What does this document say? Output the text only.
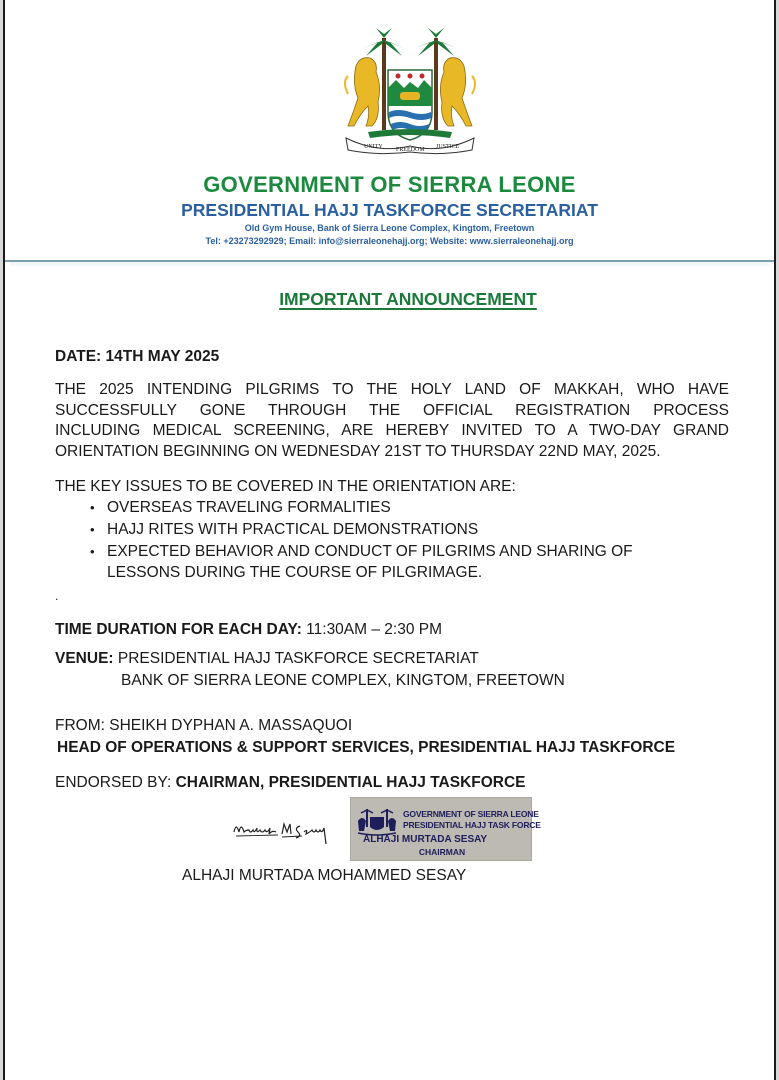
UNITY FREEDOM JUSTICE
GOVERNMENT OF SIERRA LEONE
PRESIDENTIAL HAJJ TASKFORCE SECRETARIAT
Old Gym House, Bank of Sierra Leone Complex, Kingtom, Freetown
Tel: +23273292929; Email: info@sierraleonehajj.org; Website: www.sierraleonehajj.org
IMPORTANT ANNOUNCEMENT
DATE: 14TH MAY 2025
THE 2025 INTENDING PILGRIMS TO THE HOLY LAND OF MAKKAH, WHO HAVE
SUCCESSFULLY GONE THROUGH THE OFFICIAL REGISTRATION PROCESS
INCLUDING MEDICAL SCREENING, ARE HEREBY INVITED TO A TWO-DAY GRAND
ORIENTATION BEGINNING ON WEDNESDAY 21ST TO THURSDAY 22ND MAY, 2025.
THE KEY ISSUES TO BE COVERED IN THE ORIENTATION ARE:
• OVERSEAS TRAVELING FORMALITIES
• HAJJ RITES WITH PRACTICAL DEMONSTRATIONS
• EXPECTED BEHAVIOR AND CONDUCT OF PILGRIMS AND SHARING OF LESSONS DURING THE COURSE OF PILGRIMAGE.
.
TIME DURATION FOR EACH DAY: 11:30AM – 2:30 PM
VENUE: PRESIDENTIAL HAJJ TASKFORCE SECRETARIAT
BANK OF SIERRA LEONE COMPLEX, KINGTOM, FREETOWN
FROM: SHEIKH DYPHAN A. MASSAQUOI
HEAD OF OPERATIONS & SUPPORT SERVICES, PRESIDENTIAL HAJJ TASKFORCE
ENDORSED BY: CHAIRMAN, PRESIDENTIAL HAJJ TASKFORCE
GOVERNMENT OF SIERRA LEONE
PRESIDENTIAL HAJJ TASK FORCE
ALHAJI MURTADA SESAY
CHAIRMAN
ALHAJI MURTADA MOHAMMED SESAY
